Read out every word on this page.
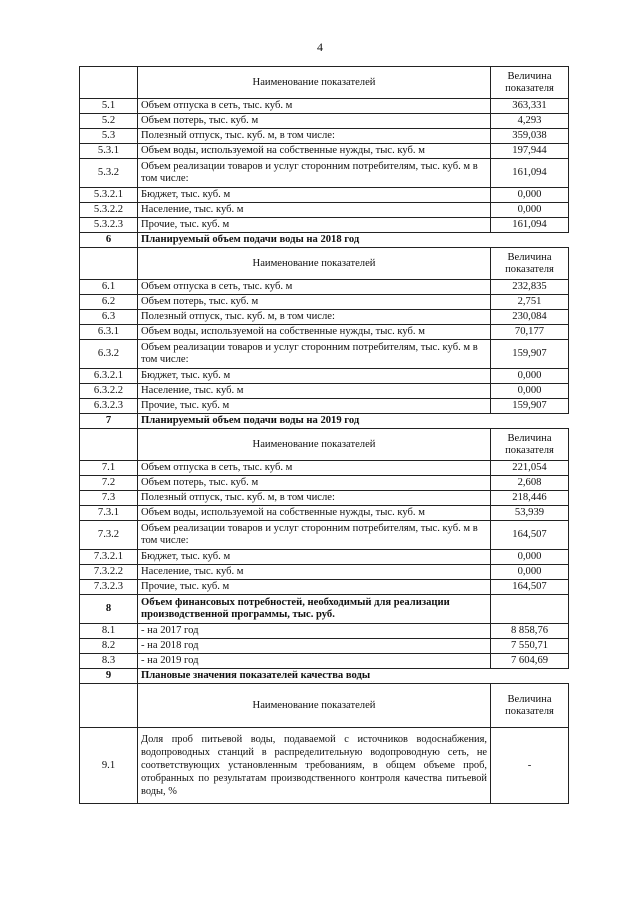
4
	Наименование показателей	Величина показателя
5.1	Объем отпуска в сеть, тыс. куб. м	363,331
5.2	Объем потерь, тыс. куб. м	4,293
5.3	Полезный отпуск, тыс. куб. м, в том числе:	359,038
5.3.1	Объем воды, используемой на собственные нужды, тыс. куб. м	197,944
5.3.2	Объем реализации товаров и услуг сторонним потребителям, тыс. куб. м в том числе:	161,094
5.3.2.1	Бюджет, тыс. куб. м	0,000
5.3.2.2	Население, тыс. куб. м	0,000
5.3.2.3	Прочие, тыс. куб. м	161,094
6	Планируемый объем подачи воды на 2018 год	
	Наименование показателей	Величина показателя
6.1	Объем отпуска в сеть, тыс. куб. м	232,835
6.2	Объем потерь, тыс. куб. м	2,751
6.3	Полезный отпуск, тыс. куб. м, в том числе:	230,084
6.3.1	Объем воды, используемой на собственные нужды, тыс. куб. м	70,177
6.3.2	Объем реализации товаров и услуг сторонним потребителям, тыс. куб. м в том числе:	159,907
6.3.2.1	Бюджет, тыс. куб. м	0,000
6.3.2.2	Население, тыс. куб. м	0,000
6.3.2.3	Прочие, тыс. куб. м	159,907
7	Планируемый объем подачи воды на 2019 год	
	Наименование показателей	Величина показателя
7.1	Объем отпуска в сеть, тыс. куб. м	221,054
7.2	Объем потерь, тыс. куб. м	2,608
7.3	Полезный отпуск, тыс. куб. м, в том числе:	218,446
7.3.1	Объем воды, используемой на собственные нужды, тыс. куб. м	53,939
7.3.2	Объем реализации товаров и услуг сторонним потребителям, тыс. куб. м в том числе:	164,507
7.3.2.1	Бюджет, тыс. куб. м	0,000
7.3.2.2	Население, тыс. куб. м	0,000
7.3.2.3	Прочие, тыс. куб. м	164,507
8	Объем финансовых потребностей, необходимый для реализации производственной программы, тыс. руб.	
8.1	- на 2017 год	8 858,76
8.2	- на 2018 год	7 550,71
8.3	- на 2019 год	7 604,69
9	Плановые значения показателей качества воды	
	Наименование показателей	Величина показателя
9.1	Доля проб питьевой воды, подаваемой с источников водоснабжения, водопроводных станций в распределительную водопроводную сеть, не соответствующих установленным требованиям, в общем объеме проб, отобранных по результатам производственного контроля качества питьевой воды, %	-
